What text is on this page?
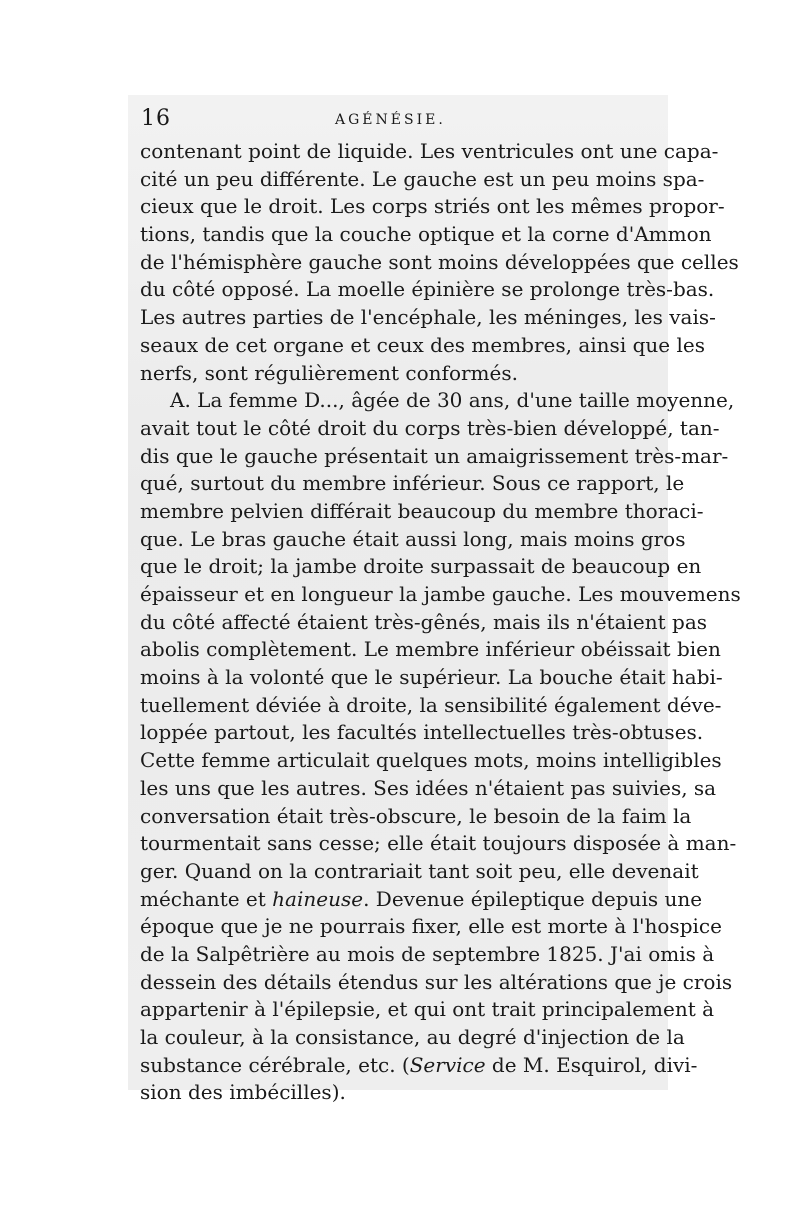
16	AGÉNÉSIE.
contenant point de liquide. Les ventricules ont une capa-
cité un peu différente. Le gauche est un peu moins spa-
cieux que le droit. Les corps striés ont les mêmes propor-
tions, tandis que la couche optique et la corne d'Ammon
de l'hémisphère gauche sont moins développées que celles
du côté opposé. La moelle épinière se prolonge très-bas.
Les autres parties de l'encéphale, les méninges, les vais-
seaux de cet organe et ceux des membres, ainsi que les
nerfs, sont régulièrement conformés.
A. La femme D..., âgée de 30 ans, d'une taille moyenne,
avait tout le côté droit du corps très-bien développé, tan-
dis que le gauche présentait un amaigrissement très-mar-
qué, surtout du membre inférieur. Sous ce rapport, le
membre pelvien différait beaucoup du membre thoraci-
que. Le bras gauche était aussi long, mais moins gros
que le droit; la jambe droite surpassait de beaucoup en
épaisseur et en longueur la jambe gauche. Les mouvemens
du côté affecté étaient très-gênés, mais ils n'étaient pas
abolis complètement. Le membre inférieur obéissait bien
moins à la volonté que le supérieur. La bouche était habi-
tuellement déviée à droite, la sensibilité également déve-
loppée partout, les facultés intellectuelles très-obtuses.
Cette femme articulait quelques mots, moins intelligibles
les uns que les autres. Ses idées n'étaient pas suivies, sa
conversation était très-obscure, le besoin de la faim la
tourmentait sans cesse; elle était toujours disposée à man-
ger. Quand on la contrariait tant soit peu, elle devenait
méchante et haineuse. Devenue épileptique depuis une
époque que je ne pourrais fixer, elle est morte à l'hospice
de la Salpêtrière au mois de septembre 1825. J'ai omis à
dessein des détails étendus sur les altérations que je crois
appartenir à l'épilepsie, et qui ont trait principalement à
la couleur, à la consistance, au degré d'injection de la
substance cérébrale, etc. (Service de M. Esquirol, divi-
sion des imbécilles).
